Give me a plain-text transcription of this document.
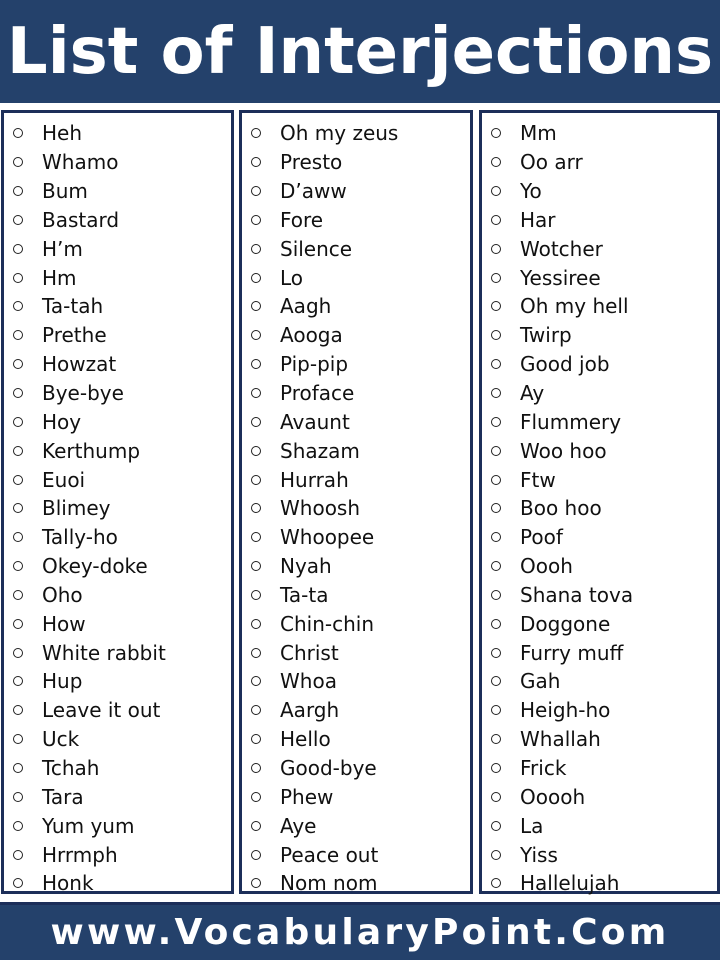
List of Interjections
Heh
Whamo
Bum
Bastard
H’m
Hm
Ta-tah
Prethe
Howzat
Bye-bye
Hoy
Kerthump
Euoi
Blimey
Tally-ho
Okey-doke
Oho
How
White rabbit
Hup
Leave it out
Uck
Tchah
Tara
Yum yum
Hrrmph
Honk
Oh my zeus
Presto
D’aww
Fore
Silence
Lo
Aagh
Aooga
Pip-pip
Proface
Avaunt
Shazam
Hurrah
Whoosh
Whoopee
Nyah
Ta-ta
Chin-chin
Christ
Whoa
Aargh
Hello
Good-bye
Phew
Aye
Peace out
Nom nom
Mm
Oo arr
Yo
Har
Wotcher
Yessiree
Oh my hell
Twirp
Good job
Ay
Flummery
Woo hoo
Ftw
Boo hoo
Poof
Oooh
Shana tova
Doggone
Furry muff
Gah
Heigh-ho
Whallah
Frick
Ooooh
La
Yiss
Hallelujah
www.VocabularyPoint.Com
